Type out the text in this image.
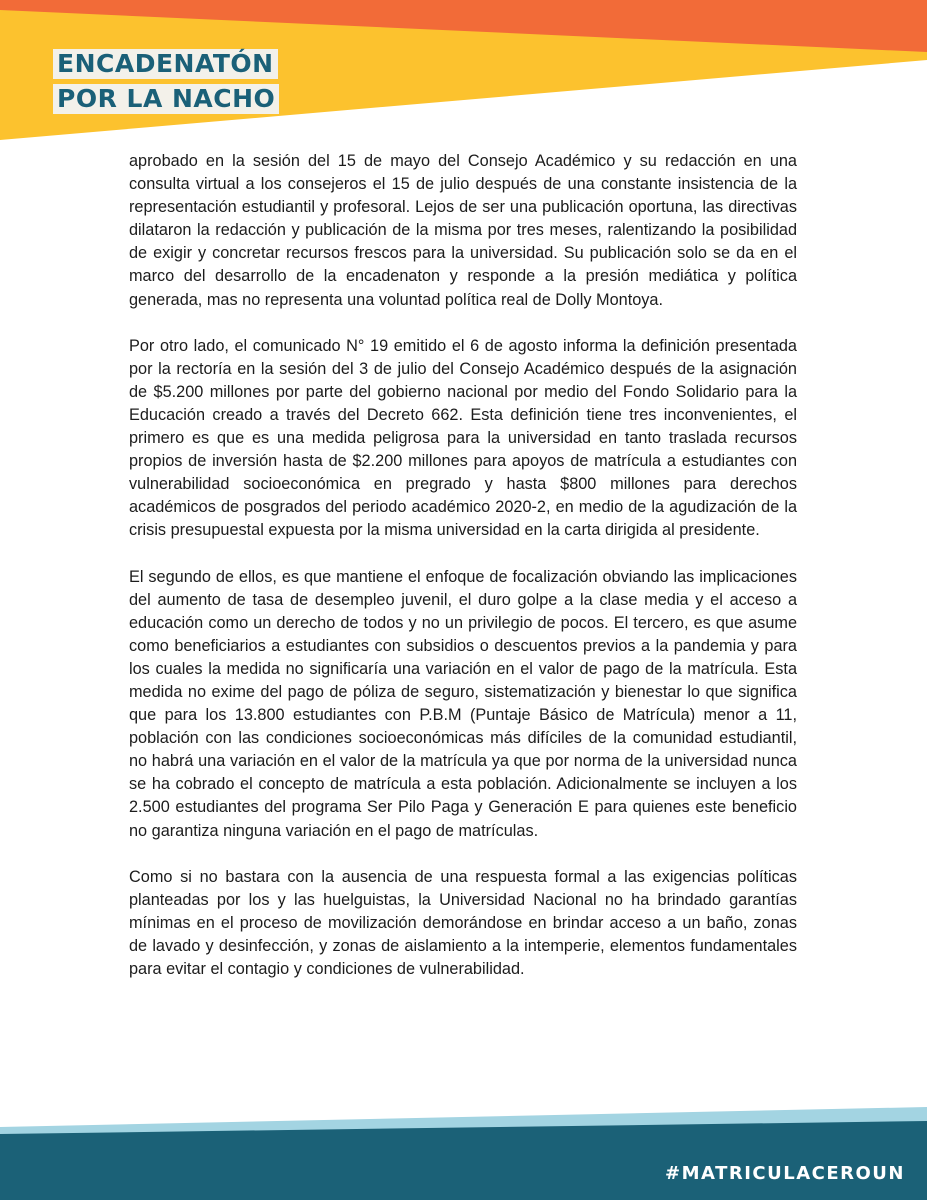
ENCADENATÓN
POR LA NACHO

aprobado en la sesión del 15 de mayo del Consejo Académico y su redacción en una consulta virtual a los consejeros el 15 de julio después de una constante insistencia de la representación estudiantil y profesoral. Lejos de ser una publicación oportuna, las directivas dilataron la redacción y publicación de la misma por tres meses, ralentizando la posibilidad de exigir y concretar recursos frescos para la universidad. Su publicación solo se da en el marco del desarrollo de la encadenaton y responde a la presión mediática y política generada, mas no representa una voluntad política real de Dolly Montoya.

Por otro lado, el comunicado N° 19 emitido el 6 de agosto informa la definición presentada por la rectoría en la sesión del 3 de julio del Consejo Académico después de la asignación de $5.200 millones por parte del gobierno nacional por medio del Fondo Solidario para la Educación creado a través del Decreto 662. Esta definición tiene tres inconvenientes, el primero es que es una medida peligrosa para la universidad en tanto traslada recursos propios de inversión hasta de $2.200 millones para apoyos de matrícula a estudiantes con vulnerabilidad socioeconómica en pregrado y hasta $800 millones para derechos académicos de posgrados del periodo académico 2020-2, en medio de la agudización de la crisis presupuestal expuesta por la misma universidad en la carta dirigida al presidente.

El segundo de ellos, es que mantiene el enfoque de focalización obviando las implicaciones del aumento de tasa de desempleo juvenil, el duro golpe a la clase media y el acceso a educación como un derecho de todos y no un privilegio de pocos. El tercero, es que asume como beneficiarios a estudiantes con subsidios o descuentos previos a la pandemia y para los cuales la medida no significaría una variación en el valor de pago de la matrícula. Esta medida no exime del pago de póliza de seguro, sistematización y bienestar lo que significa que para los 13.800 estudiantes con P.B.M (Puntaje Básico de Matrícula) menor a 11, población con las condiciones socioeconómicas más difíciles de la comunidad estudiantil, no habrá una variación en el valor de la matrícula ya que por norma de la universidad nunca se ha cobrado el concepto de matrícula a esta población. Adicionalmente se incluyen a los 2.500 estudiantes del programa Ser Pilo Paga y Generación E para quienes este beneficio no garantiza ninguna variación en el pago de matrículas.

Como si no bastara con la ausencia de una respuesta formal a las exigencias políticas planteadas por los y las huelguistas, la Universidad Nacional no ha brindado garantías mínimas en el proceso de movilización demorándose en brindar acceso a un baño, zonas de lavado y desinfección, y zonas de aislamiento a la intemperie, elementos fundamentales para evitar el contagio y condiciones de vulnerabilidad.

#MATRICULACEROUN
